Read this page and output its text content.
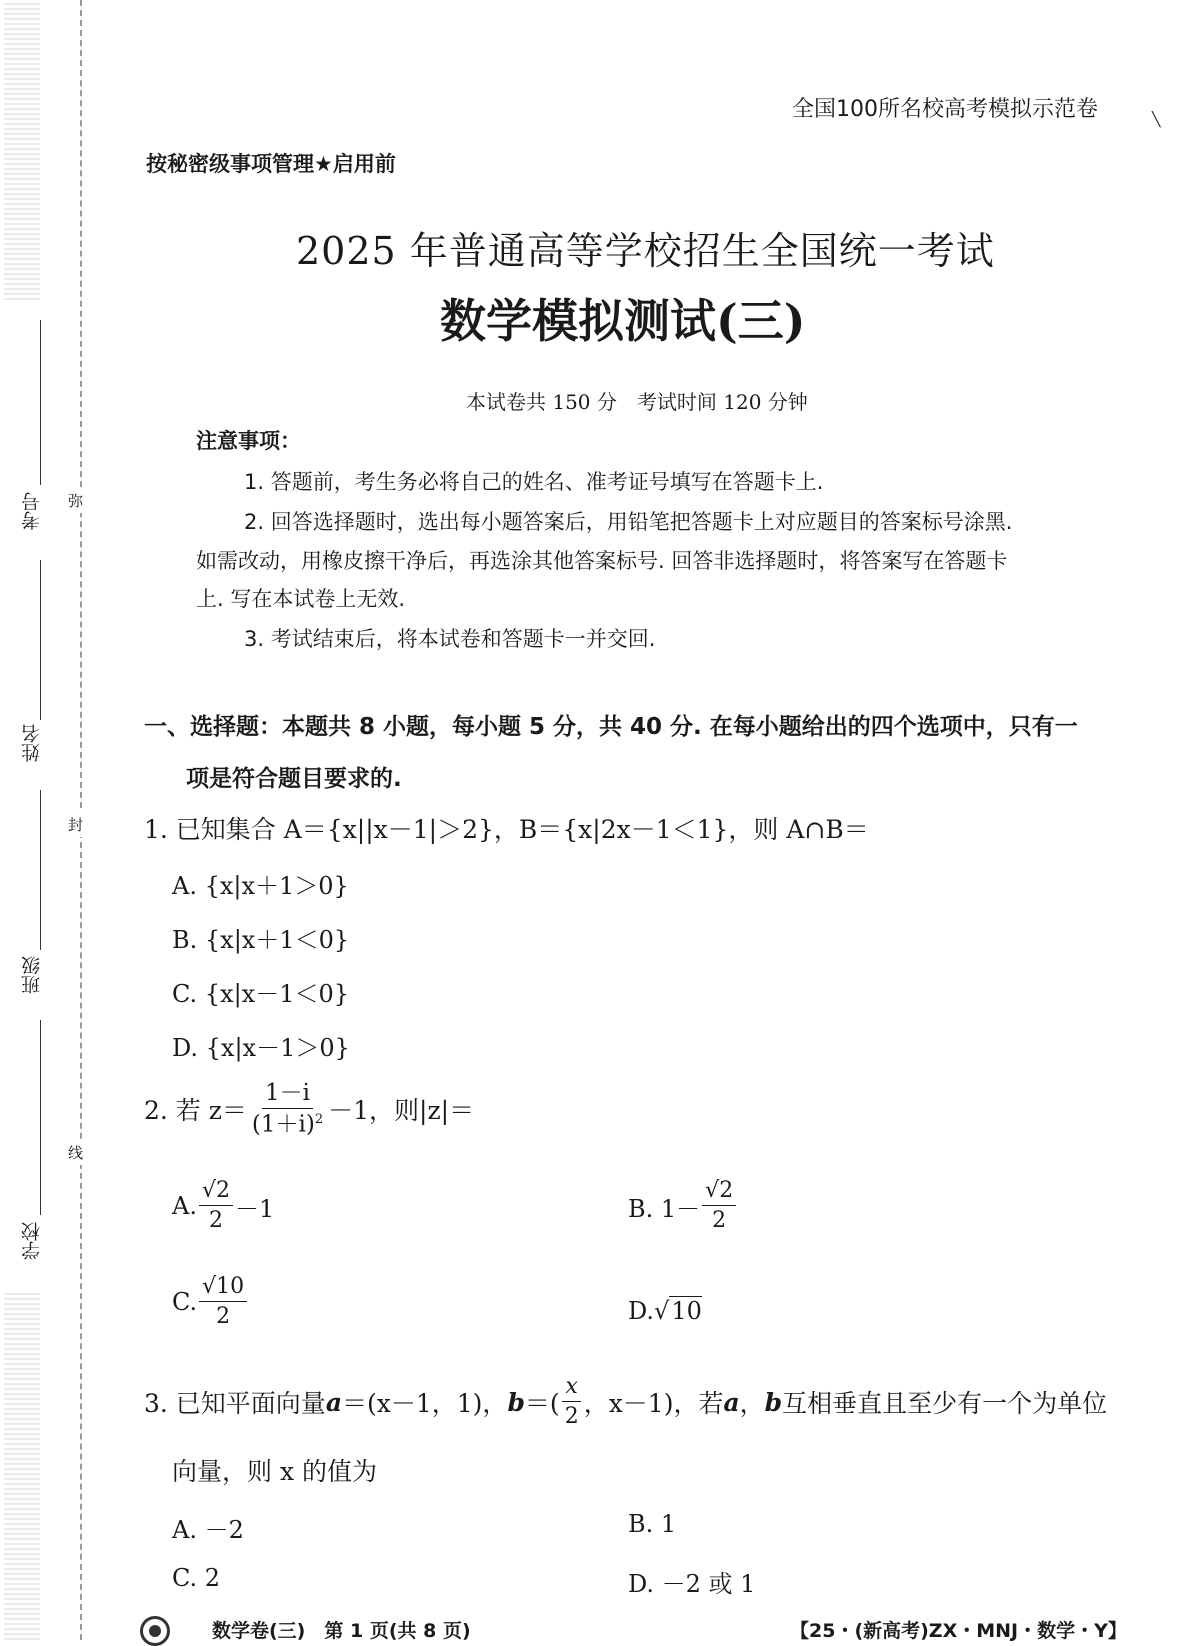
考号
姓名
班级
学校
弥
封
线
全国100所名校高考模拟示范卷	╲
按秘密级事项管理★启用前
2025 年普通高等学校招生全国统一考试
数学模拟测试(三)
本试卷共 150 分　考试时间 120 分钟
注意事项：
1. 答题前，考生务必将自己的姓名、准考证号填写在答题卡上.
2. 回答选择题时，选出每小题答案后，用铅笔把答题卡上对应题目的答案标号涂黑.
如需改动，用橡皮擦干净后，再选涂其他答案标号. 回答非选择题时，将答案写在答题卡
上. 写在本试卷上无效.
3. 考试结束后，将本试卷和答题卡一并交回.
一、选择题：本题共 8 小题，每小题 5 分，共 40 分. 在每小题给出的四个选项中，只有一
项是符合题目要求的.
1. 已知集合 A＝{x||x－1|＞2}，B＝{x|2x－1＜1}，则 A∩B＝
A. {x|x＋1＞0}
B. {x|x＋1＜0}
C. {x|x－1＜0}
D. {x|x－1＞0}
2. 若 $z= \frac{1-i}{(1+i)^2} -1$，则|z|＝
A. $\frac{√2}{2} -1$	B. $1- \frac{√2}{2}$
C. $\frac{√10}{2}$	D.√10
3. 已知平面向量 a ＝(x－1，1)， b ＝( $\frac{x}{2}$ ，x－1)，若 a ， b 互相垂直且至少有一个为单位
向量，则 x 的值为
A. －2	B. 1
C. 2	D. －2 或 1
数学卷(三)　第 1 页(共 8 页)	【25・(新高考)ZX・MNJ・数学・Y】
